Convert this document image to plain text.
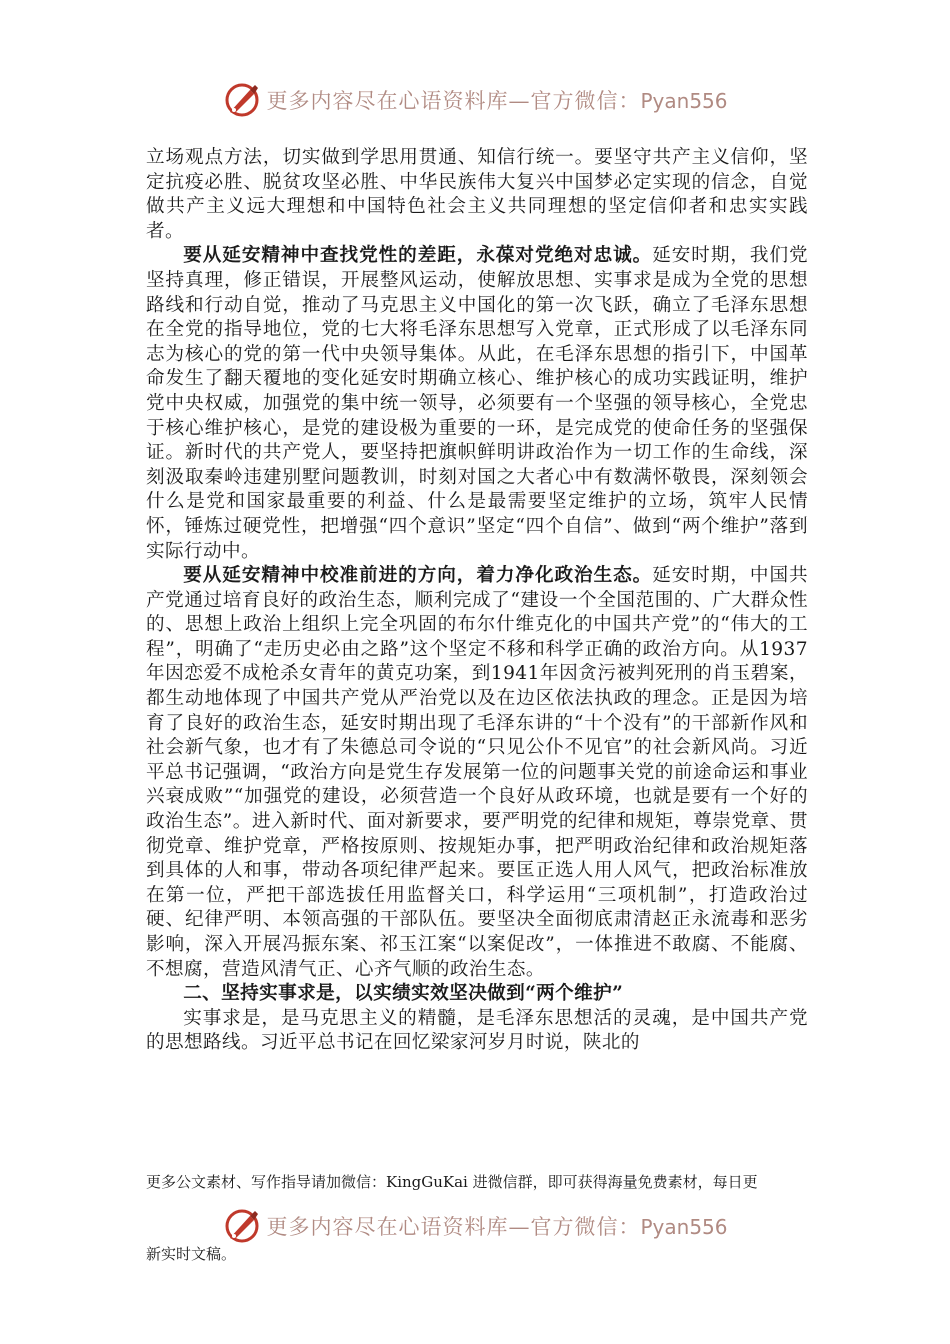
更多内容尽在心语资料库—官方微信：Pyan556

立场观点方法，切实做到学思用贯通、知信行统一。要坚守共产主义信仰，坚定抗疫必胜、脱贫攻坚必胜、中华民族伟大复兴中国梦必定实现的信念，自觉做共产主义远大理想和中国特色社会主义共同理想的坚定信仰者和忠实实践者。

要从延安精神中查找党性的差距，永葆对党绝对忠诚。延安时期，我们党坚持真理，修正错误，开展整风运动，使解放思想、实事求是成为全党的思想路线和行动自觉，推动了马克思主义中国化的第一次飞跃，确立了毛泽东思想在全党的指导地位，党的七大将毛泽东思想写入党章，正式形成了以毛泽东同志为核心的党的第一代中央领导集体。从此，在毛泽东思想的指引下，中国革命发生了翻天覆地的变化延安时期确立核心、维护核心的成功实践证明，维护党中央权威，加强党的集中统一领导，必须要有一个坚强的领导核心，全党忠于核心维护核心，是党的建设极为重要的一环，是完成党的使命任务的坚强保证。新时代的共产党人，要坚持把旗帜鲜明讲政治作为一切工作的生命线，深刻汲取秦岭违建别墅问题教训，时刻对国之大者心中有数满怀敬畏，深刻领会什么是党和国家最重要的利益、什么是最需要坚定维护的立场，筑牢人民情怀，锤炼过硬党性，把增强“四个意识”坚定“四个自信”、做到“两个维护”落到实际行动中。

要从延安精神中校准前进的方向，着力净化政治生态。延安时期，中国共产党通过培育良好的政治生态，顺利完成了“建设一个全国范围的、广大群众性的、思想上政治上组织上完全巩固的布尔什维克化的中国共产党”的“伟大的工程”，明确了“走历史必由之路”这个坚定不移和科学正确的政治方向。从1937年因恋爱不成枪杀女青年的黄克功案，到1941年因贪污被判死刑的肖玉碧案，都生动地体现了中国共产党从严治党以及在边区依法执政的理念。正是因为培育了良好的政治生态，延安时期出现了毛泽东讲的“十个没有”的干部新作风和社会新气象，也才有了朱德总司令说的“只见公仆不见官”的社会新风尚。习近平总书记强调，“政治方向是党生存发展第一位的问题事关党的前途命运和事业兴衰成败”“加强党的建设，必须营造一个良好从政环境，也就是要有一个好的政治生态”。进入新时代、面对新要求，要严明党的纪律和规矩，尊崇党章、贯彻党章、维护党章，严格按原则、按规矩办事，把严明政治纪律和政治规矩落到具体的人和事，带动各项纪律严起来。要匡正选人用人风气，把政治标准放在第一位，严把干部选拔任用监督关口，科学运用“三项机制”，打造政治过硬、纪律严明、本领高强的干部队伍。要坚决全面彻底肃清赵正永流毒和恶劣影响，深入开展冯振东案、祁玉江案“以案促改”，一体推进不敢腐、不能腐、不想腐，营造风清气正、心齐气顺的政治生态。

二、坚持实事求是，以实绩实效坚决做到“两个维护”

实事求是，是马克思主义的精髓，是毛泽东思想活的灵魂，是中国共产党的思想路线。习近平总书记在回忆梁家河岁月时说，陕北的

更多公文素材、写作指导请加微信：KingGuKai 进微信群，即可获得海量免费素材，每日更
更多内容尽在心语资料库—官方微信：Pyan556
新实时文稿。
